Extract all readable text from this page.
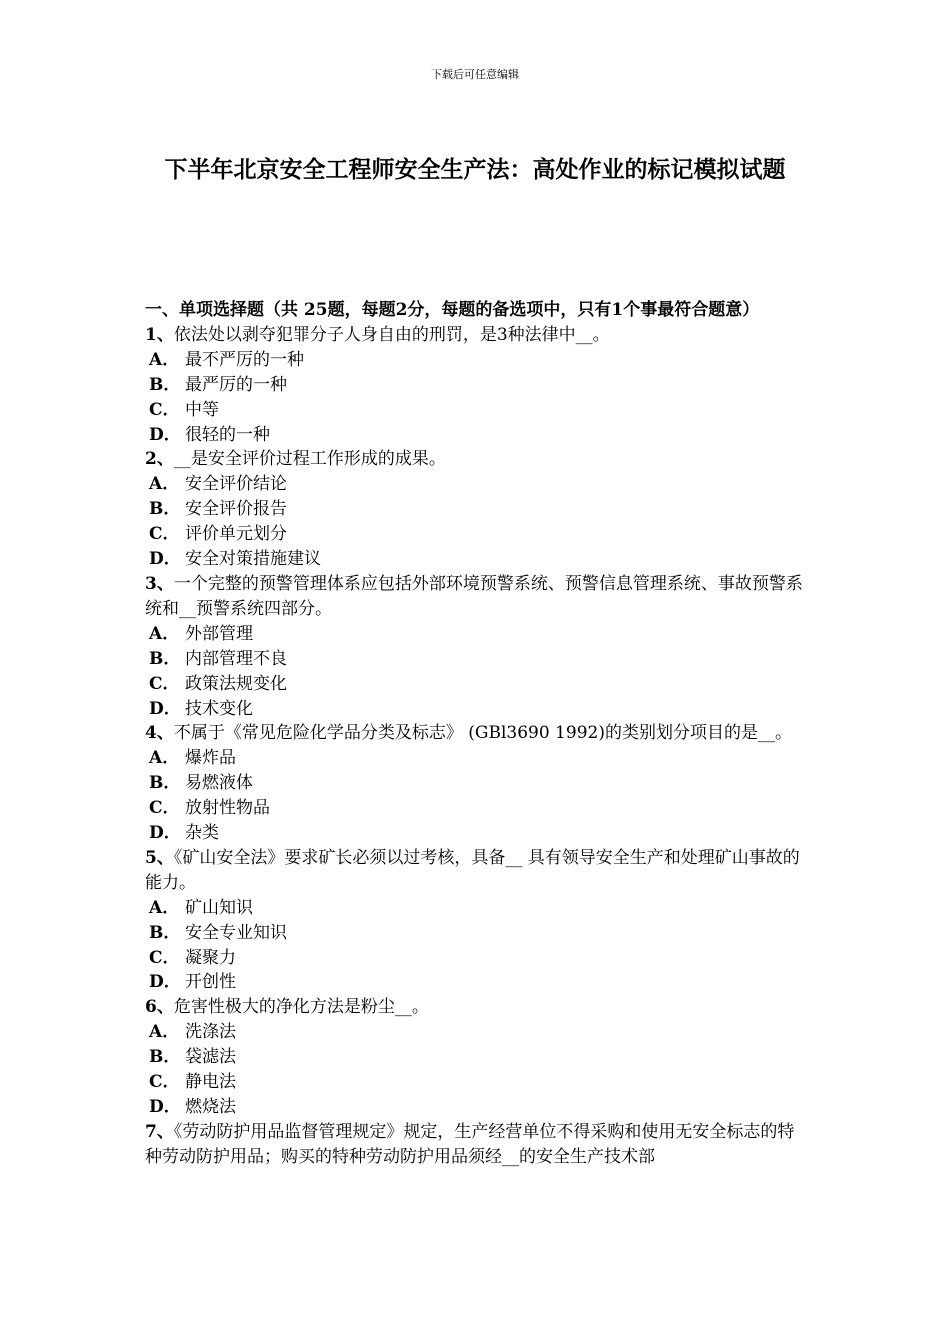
下载后可任意编辑
下半年北京安全工程师安全生产法：高处作业的标记模拟试题
一、单项选择题（共 25题，每题2分，每题的备选项中，只有1个事最符合题意）
1、依法处以剥夺犯罪分子人身自由的刑罚，是3种法律中__。
A． 最不严厉的一种
B． 最严厉的一种
C． 中等
D． 很轻的一种
2、__是安全评价过程工作形成的成果。
A． 安全评价结论
B． 安全评价报告
C． 评价单元划分
D． 安全对策措施建议
3、一个完整的预警管理体系应包括外部环境预警系统、预警信息管理系统、事故预警系统和__预警系统四部分。
A． 外部管理
B． 内部管理不良
C． 政策法规变化
D． 技术变化
4、不属于《常见危险化学品分类及标志》 (GBl3690 1992)的类别划分项目的是__。
A． 爆炸品
B． 易燃液体
C． 放射性物品
D． 杂类
5、《矿山安全法》要求矿长必须以过考核，具备__ 具有领导安全生产和处理矿山事故的能力。
A． 矿山知识
B． 安全专业知识
C． 凝聚力
D． 开创性
6、危害性极大的净化方法是粉尘__。
A． 洗涤法
B． 袋滤法
C． 静电法
D． 燃烧法
7、《劳动防护用品监督管理规定》规定，生产经营单位不得采购和使用无安全标志的特种劳动防护用品；购买的特种劳动防护用品须经__的安全生产技术部
